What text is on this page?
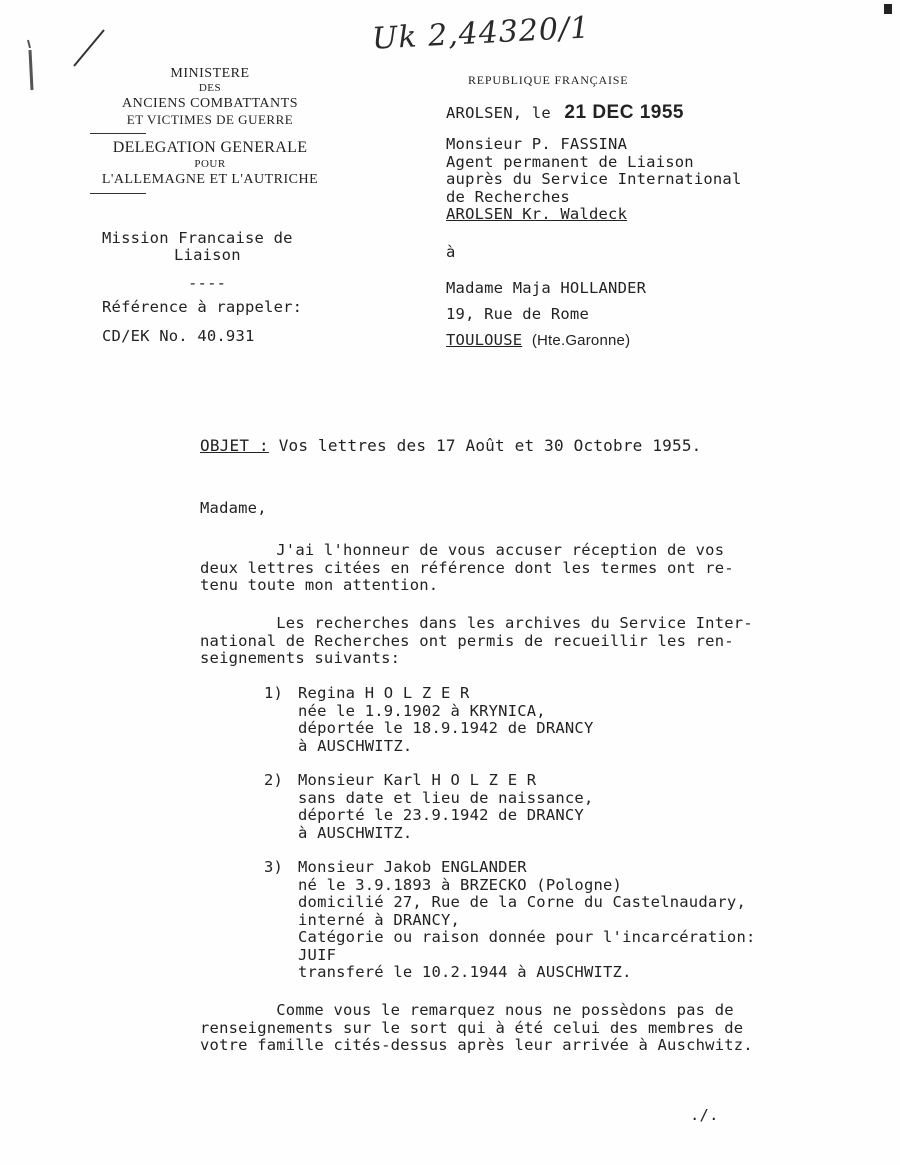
Uk 2,44320/1
MINISTERE
DES
ANCIENS COMBATTANTS
ET VICTIMES DE GUERRE
DELEGATION GENERALE
POUR
L'ALLEMAGNE ET L'AUTRICHE
Mission Francaise de
Liaison
----
Référence à rappeler:
CD/EK No. 40.931
REPUBLIQUE FRANÇAISE
AROLSEN, le 21 DEC 1955
Monsieur P. FASSINA
Agent permanent de Liaison
auprès du Service International
de Recherches
AROLSEN Kr. Waldeck
à
Madame Maja HOLLANDER
19, Rue de Rome
TOULOUSE (Hte.Garonne)
OBJET : Vos lettres des 17 Août et 30 Octobre 1955.
Madame,
J'ai l'honneur de vous accuser réception de vos
deux lettres citées en référence dont les termes ont re-
tenu toute mon attention.
Les recherches dans les archives du Service Inter-
national de Recherches ont permis de recueillir les ren-
seignements suivants:
1) Regina H O L Z E R
née le 1.9.1902 à KRYNICA,
déportée le 18.9.1942 de DRANCY
à AUSCHWITZ.
2) Monsieur Karl H O L Z E R
sans date et lieu de naissance,
déporté le 23.9.1942 de DRANCY
à AUSCHWITZ.
3) Monsieur Jakob ENGLANDER
né le 3.9.1893 à BRZECKO (Pologne)
domicilié 27, Rue de la Corne du Castelnaudary,
interné à DRANCY,
Catégorie ou raison donnée pour l'incarcération:
JUIF
transferé le 10.2.1944 à AUSCHWITZ.
Comme vous le remarquez nous ne possèdons pas de
renseignements sur le sort qui à été celui des membres de
votre famille cités-dessus après leur arrivée à Auschwitz.
./.
